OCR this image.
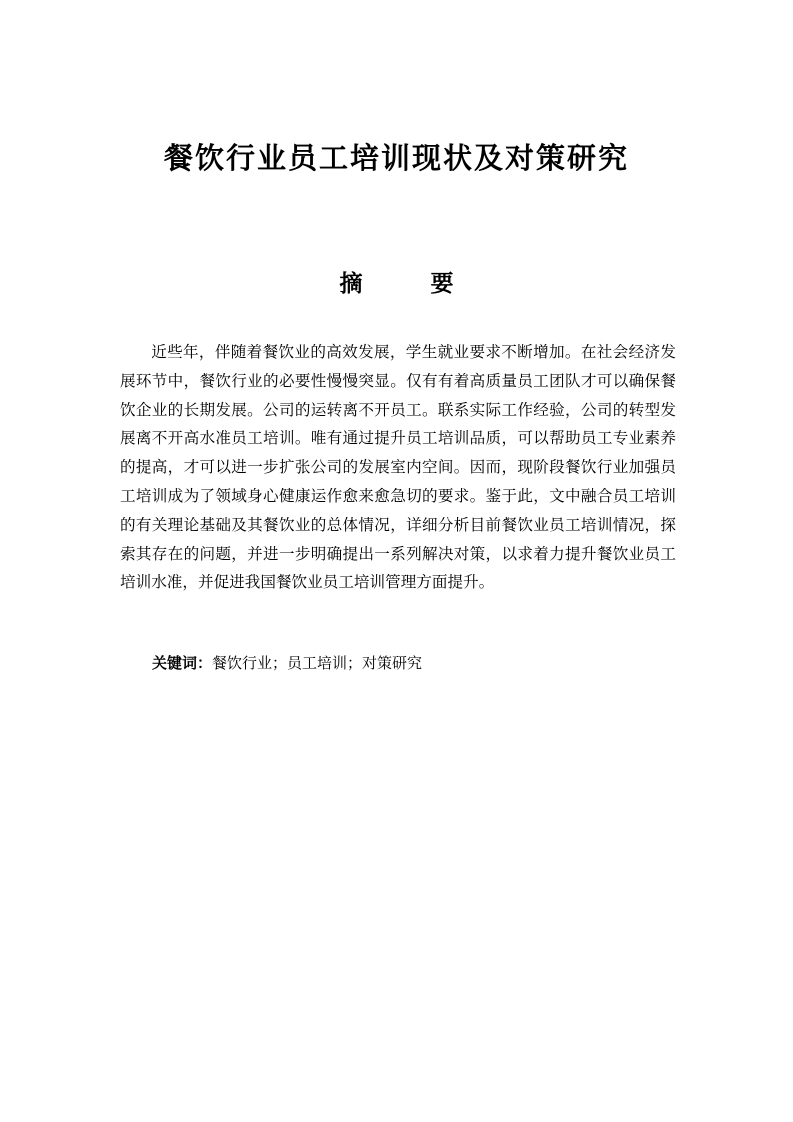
餐饮行业员工培训现状及对策研究
摘	要

近些年，伴随着餐饮业的高效发展，学生就业要求不断增加。在社会经济发展环节中，餐饮行业的必要性慢慢突显。仅有有着高质量员工团队才可以确保餐饮企业的长期发展。公司的运转离不开员工。联系实际工作经验，公司的转型发展离不开高水准员工培训。唯有通过提升员工培训品质，可以帮助员工专业素养的提高，才可以进一步扩张公司的发展室内空间。因而，现阶段餐饮行业加强员工培训成为了领域身心健康运作愈来愈急切的要求。鉴于此，文中融合员工培训的有关理论基础及其餐饮业的总体情况，详细分析目前餐饮业员工培训情况，探索其存在的问题，并进一步明确提出一系列解决对策，以求着力提升餐饮业员工培训水准，并促进我国餐饮业员工培训管理方面提升。

关键词：餐饮行业；员工培训；对策研究
